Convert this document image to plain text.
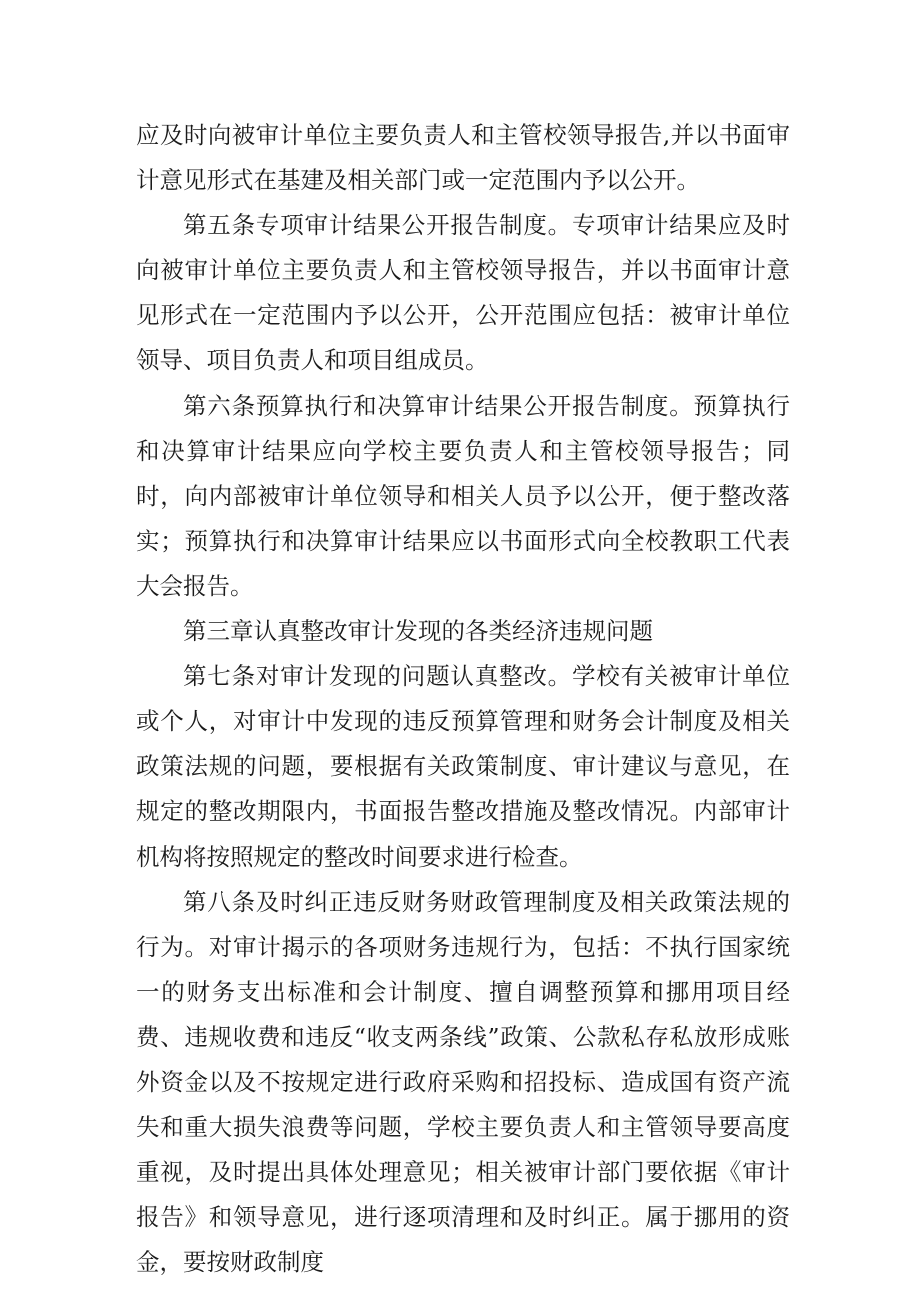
应及时向被审计单位主要负责人和主管校领导报告,并以书面审计意见形式在基建及相关部门或一定范围内予以公开。

第五条专项审计结果公开报告制度。专项审计结果应及时向被审计单位主要负责人和主管校领导报告，并以书面审计意见形式在一定范围内予以公开，公开范围应包括：被审计单位领导、项目负责人和项目组成员。

第六条预算执行和决算审计结果公开报告制度。预算执行和决算审计结果应向学校主要负责人和主管校领导报告；同时，向内部被审计单位领导和相关人员予以公开，便于整改落实；预算执行和决算审计结果应以书面形式向全校教职工代表大会报告。

第三章认真整改审计发现的各类经济违规问题

第七条对审计发现的问题认真整改。学校有关被审计单位或个人，对审计中发现的违反预算管理和财务会计制度及相关政策法规的问题，要根据有关政策制度、审计建议与意见，在规定的整改期限内，书面报告整改措施及整改情况。内部审计机构将按照规定的整改时间要求进行检查。

第八条及时纠正违反财务财政管理制度及相关政策法规的行为。对审计揭示的各项财务违规行为，包括：不执行国家统一的财务支出标准和会计制度、擅自调整预算和挪用项目经费、违规收费和违反“收支两条线”政策、公款私存私放形成账外资金以及不按规定进行政府采购和招投标、造成国有资产流失和重大损失浪费等问题，学校主要负责人和主管领导要高度重视，及时提出具体处理意见；相关被审计部门要依据《审计报告》和领导意见，进行逐项清理和及时纠正。属于挪用的资金，要按财政制度
